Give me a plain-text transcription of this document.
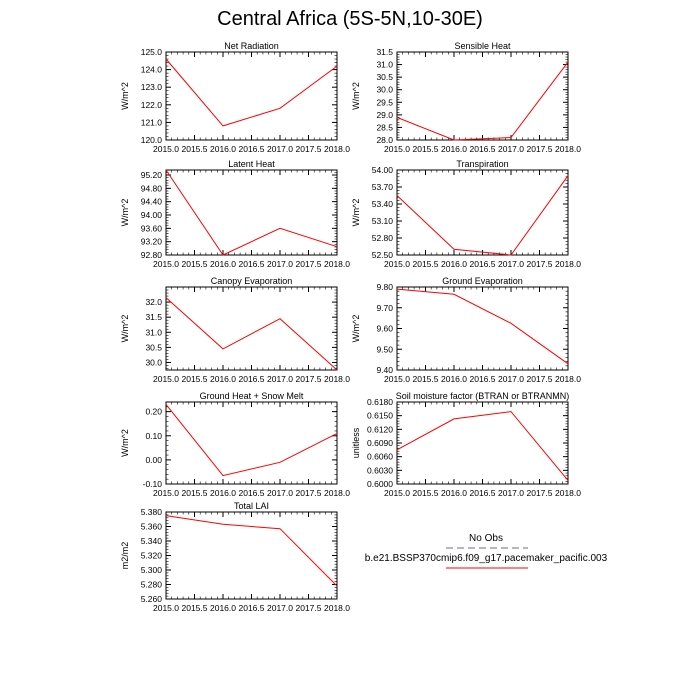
Central Africa (5S-5N,10-30E)
Net Radiation
W/m^2
2015.0 2015.5 2016.0 2016.5 2017.0 2017.5 2018.0
120.0
121.0
122.0
123.0
124.0
125.0
Sensible Heat
W/m^2
2015.0 2015.5 2016.0 2016.5 2017.0 2017.5 2018.0
28.0
28.5
29.0
29.5
30.0
30.5
31.0
31.5
Latent Heat
W/m^2
2015.0 2015.5 2016.0 2016.5 2017.0 2017.5 2018.0
92.80
93.20
93.60
94.00
94.40
94.80
95.20
Transpiration
W/m^2
2015.0 2015.5 2016.0 2016.5 2017.0 2017.5 2018.0
52.50
52.80
53.10
53.40
53.70
54.00
Canopy Evaporation
W/m^2
2015.0 2015.5 2016.0 2016.5 2017.0 2017.5 2018.0
30.0
30.5
31.0
31.5
32.0
Ground Evaporation
W/m^2
2015.0 2015.5 2016.0 2016.5 2017.0 2017.5 2018.0
9.40
9.50
9.60
9.70
9.80
Ground Heat + Snow Melt
W/m^2
2015.0 2015.5 2016.0 2016.5 2017.0 2017.5 2018.0
-0.10
0.00
0.10
0.20
Soil moisture factor (BTRAN or BTRANMN)
unitless
2015.0 2015.5 2016.0 2016.5 2017.0 2017.5 2018.0
0.6000
0.6030
0.6060
0.6090
0.6120
0.6150
0.6180
Total LAI
m2/m2
2015.0 2015.5 2016.0 2016.5 2017.0 2017.5 2018.0
5.260
5.280
5.300
5.320
5.340
5.360
5.380
No Obs
b.e21.BSSP370cmip6.f09_g17.pacemaker_pacific.003
